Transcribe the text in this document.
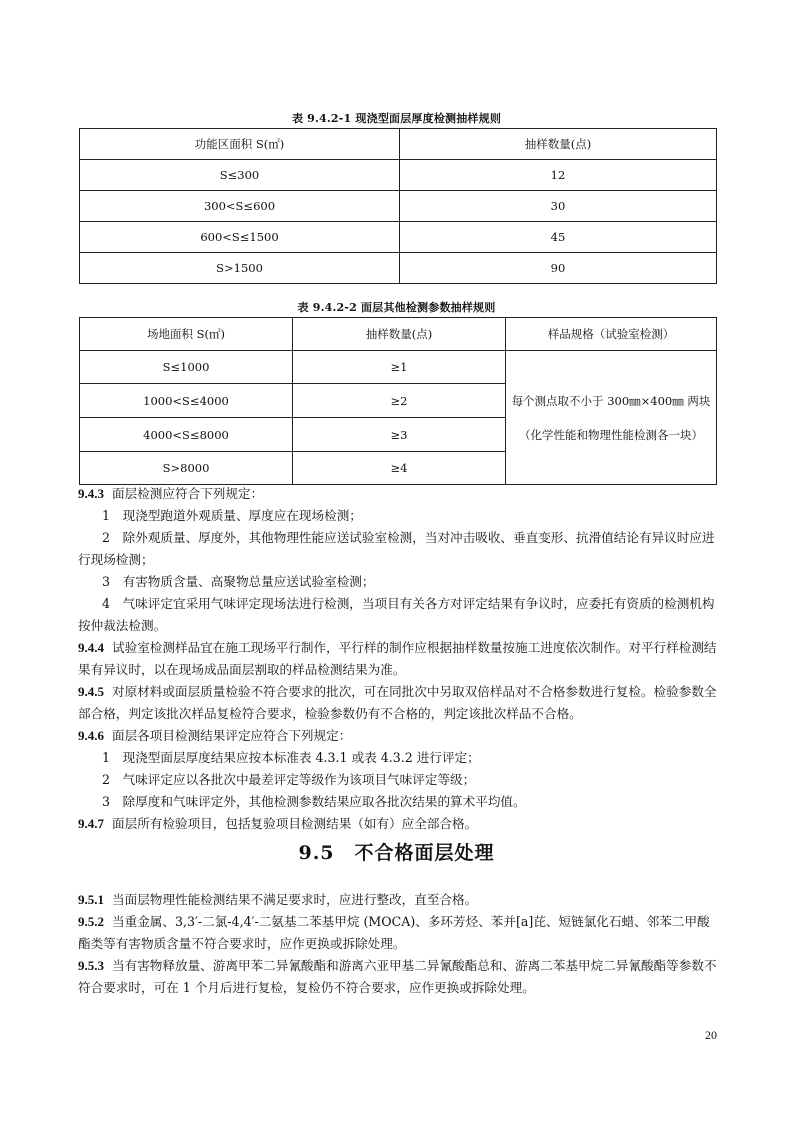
表 9.4.2-1 现浇型面层厚度检测抽样规则
功能区面积 S(㎡)	抽样数量(点)
S≤300	12
300<S≤600	30
600<S≤1500	45
S>1500	90
表 9.4.2-2 面层其他检测参数抽样规则
场地面积 S(㎡)	抽样数量(点)	样品规格（试验室检测）
S≤1000	≥1	每个测点取不小于 300㎜×400㎜ 两块
（化学性能和物理性能检测各一块）

1000<S≤4000	≥2	
4000<S≤8000	≥3	
S>8000	≥4	

9.4.3 面层检测应符合下列规定：

1　现浇型跑道外观质量、厚度应在现场检测；

2　除外观质量、厚度外，其他物理性能应送试验室检测，当对冲击吸收、垂直变形、抗滑值结论有异议时应进行现场检测；

3　有害物质含量、高聚物总量应送试验室检测；

4　气味评定宜采用气味评定现场法进行检测，当项目有关各方对评定结果有争议时，应委托有资质的检测机构按仲裁法检测。

9.4.4 试验室检测样品宜在施工现场平行制作，平行样的制作应根据抽样数量按施工进度依次制作。对平行样检测结果有异议时，以在现场成品面层割取的样品检测结果为准。

9.4.5 对原材料或面层质量检验不符合要求的批次，可在同批次中另取双倍样品对不合格参数进行复检。检验参数全部合格，判定该批次样品复检符合要求，检验参数仍有不合格的，判定该批次样品不合格。

9.4.6 面层各项目检测结果评定应符合下列规定：

1　现浇型面层厚度结果应按本标准表 4.3.1 或表 4.3.2 进行评定；

2　气味评定应以各批次中最差评定等级作为该项目气味评定等级；

3　除厚度和气味评定外，其他检测参数结果应取各批次结果的算术平均值。

9.4.7 面层所有检验项目，包括复验项目检测结果（如有）应全部合格。

9.5　不合格面层处理

9.5.1 当面层物理性能检测结果不满足要求时，应进行整改，直至合格。

9.5.2 当重金属、3,3′-二氯-4,4′-二氨基二苯基甲烷 (MOCA)、多环芳烃、苯并[a]芘、短链氯化石蜡、邻苯二甲酸酯类等有害物质含量不符合要求时，应作更换或拆除处理。

9.5.3 当有害物释放量、游离甲苯二异氰酸酯和游离六亚甲基二异氰酸酯总和、游离二苯基甲烷二异氰酸酯等参数不符合要求时，可在 1 个月后进行复检，复检仍不符合要求，应作更换或拆除处理。

20
